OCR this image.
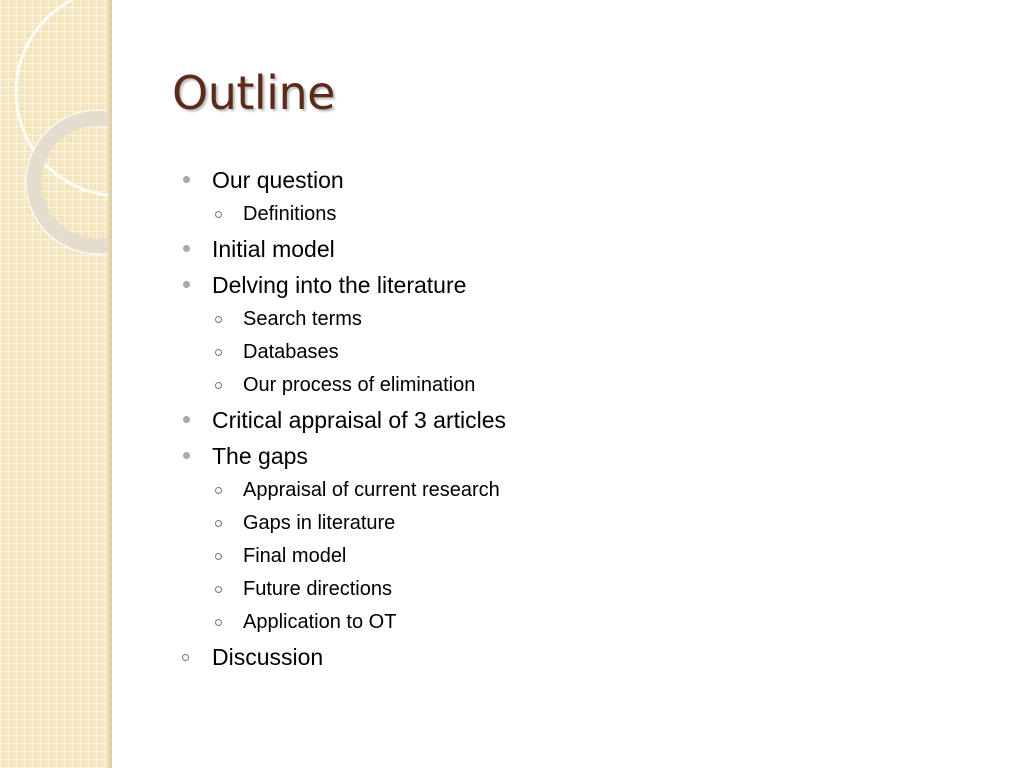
Outline
Our question
Definitions
Initial model
Delving into the literature
Search terms
Databases
Our process of elimination
Critical appraisal of 3 articles
The gaps
Appraisal of current research
Gaps in literature
Final model
Future directions
Application to OT
Discussion
